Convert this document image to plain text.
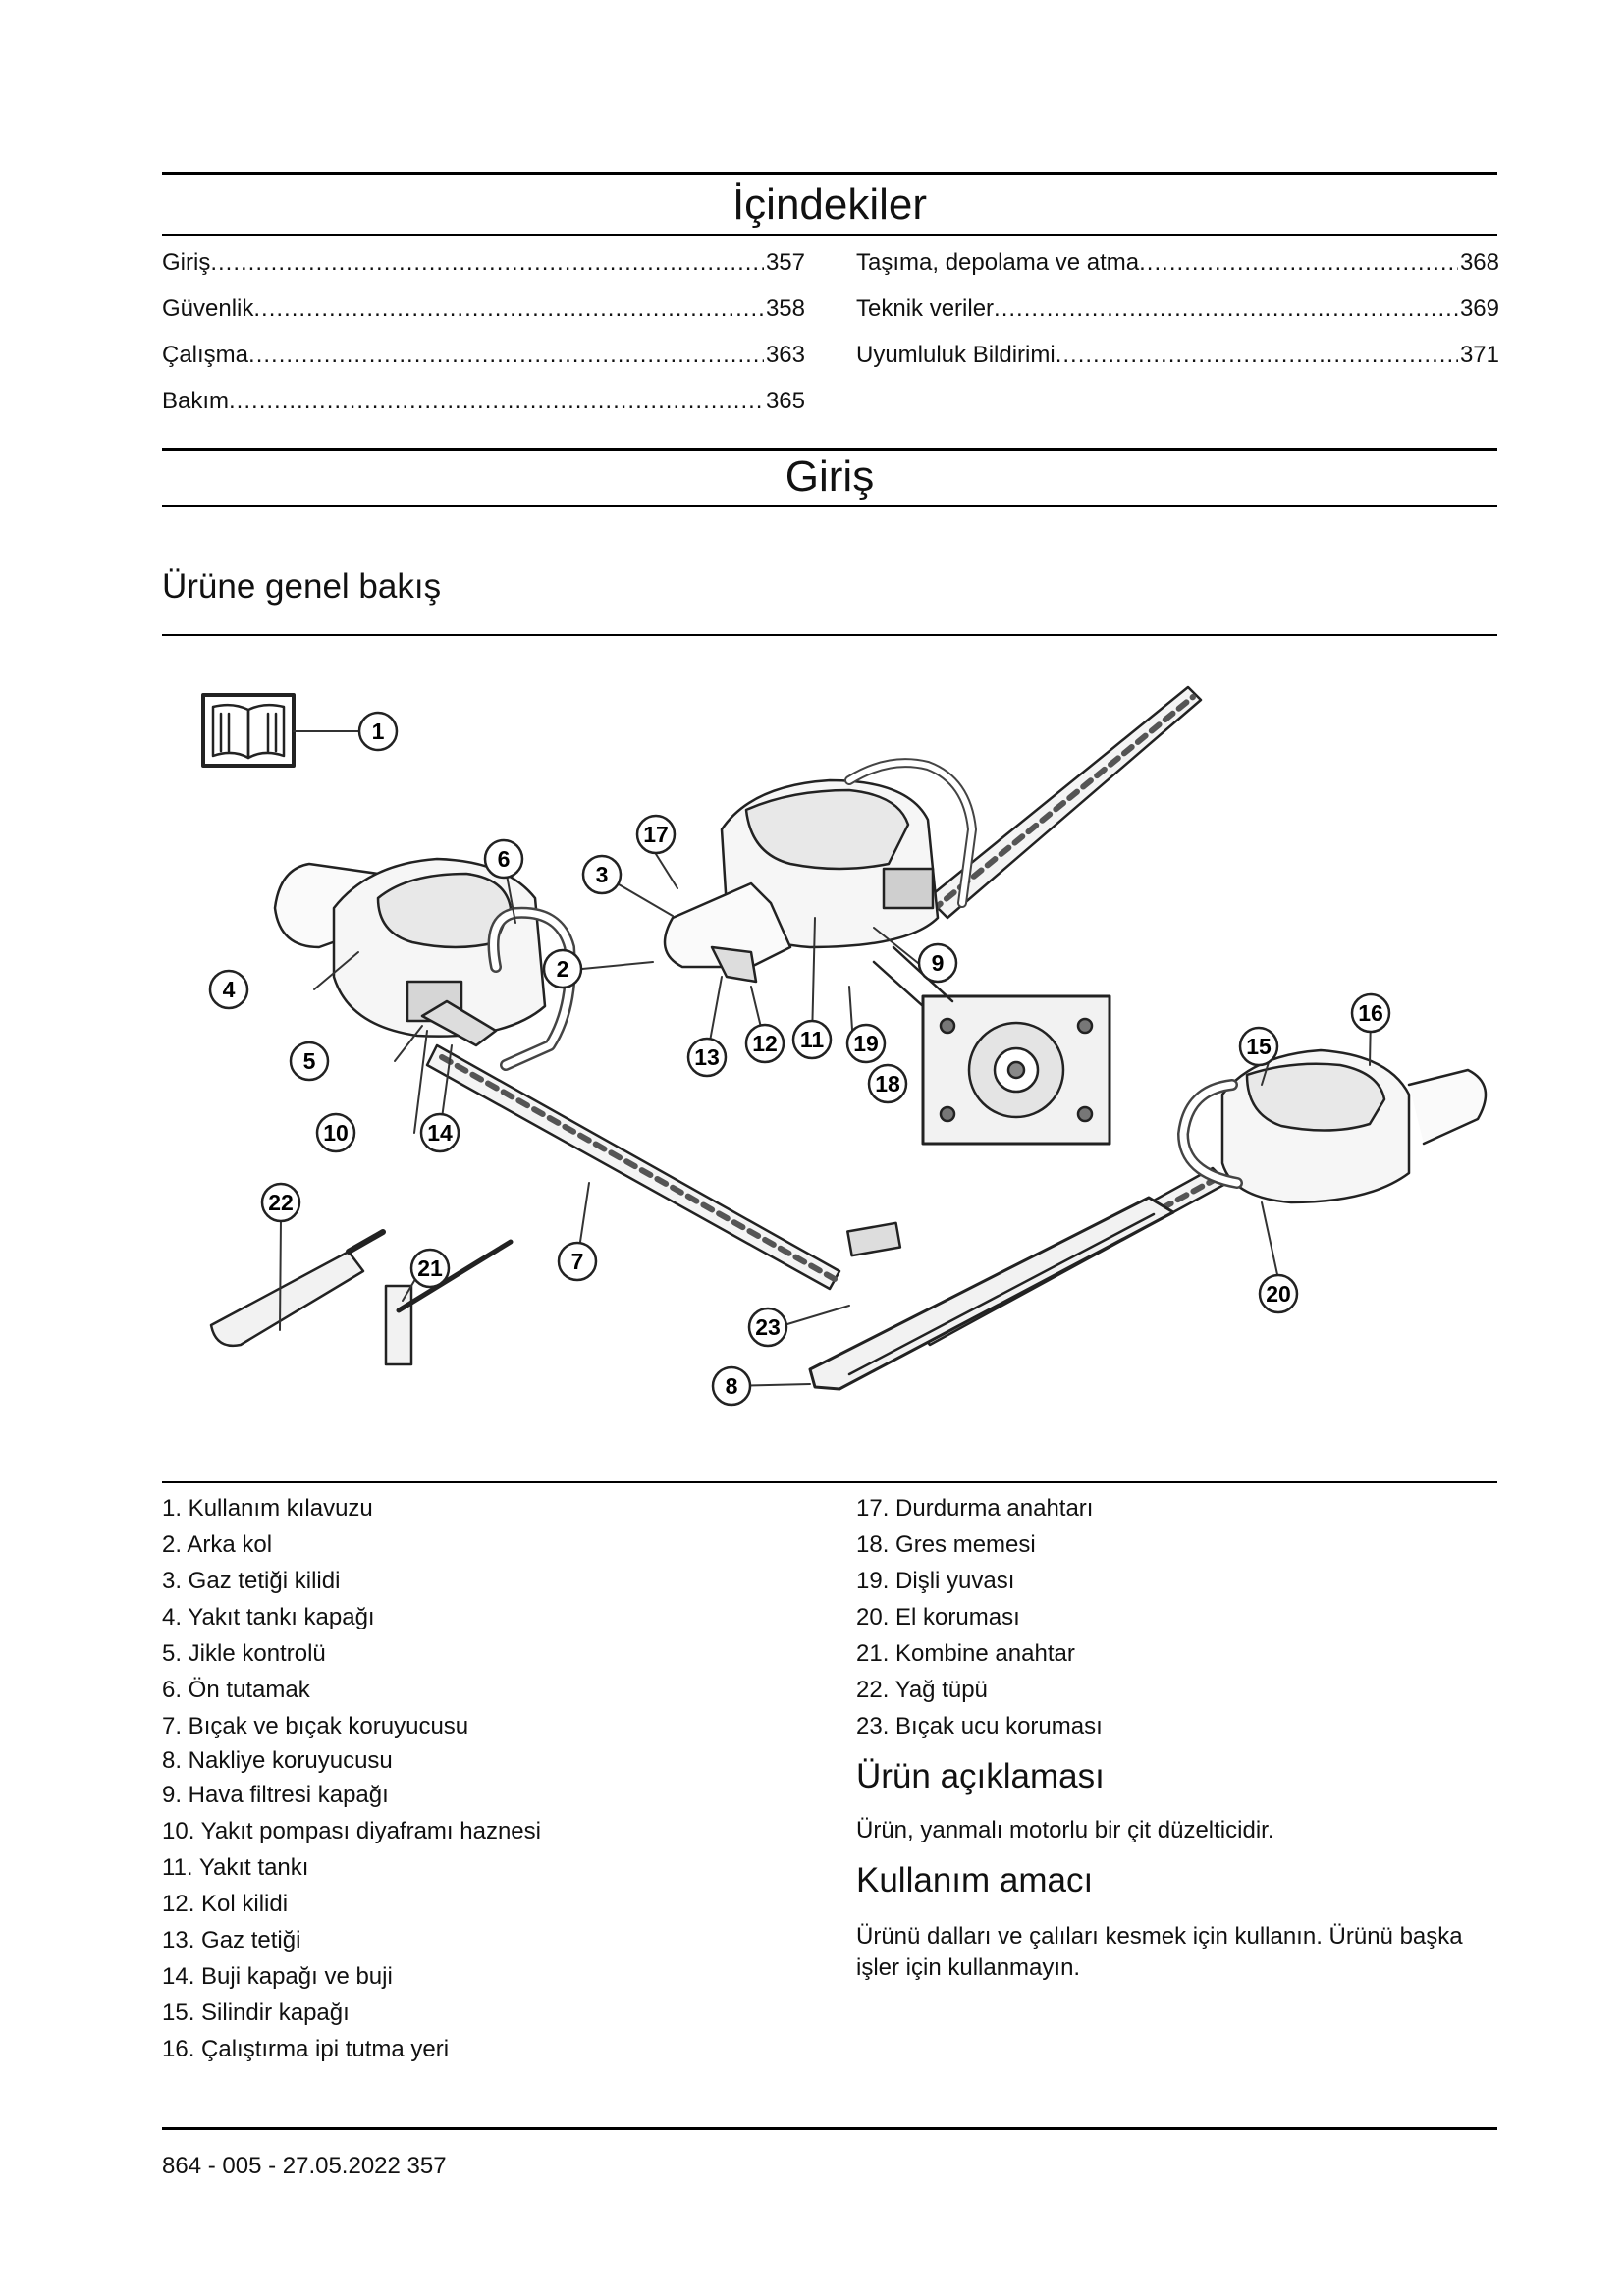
İçindekiler
Giriş .....	357
Güvenlik .....	358
Çalışma .....	363
Bakım .....	365
Taşıma, depolama ve atma .....	368
Teknik veriler .....	369
Uyumluluk Bildirimi .....	371
Giriş
Ürüne genel bakış
1
2
3
4
5
6
7
8
9
10
11
12
13
14
15
16
17
18
19
20
21
22
23
1. Kullanım kılavuzu
2. Arka kol
3. Gaz tetiği kilidi
4. Yakıt tankı kapağı
5. Jikle kontrolü
6. Ön tutamak
7. Bıçak ve bıçak koruyucusu
8. Nakliye koruyucusu
9. Hava filtresi kapağı
10. Yakıt pompası diyaframı haznesi
11. Yakıt tankı
12. Kol kilidi
13. Gaz tetiği
14. Buji kapağı ve buji
15. Silindir kapağı
16. Çalıştırma ipi tutma yeri
17. Durdurma anahtarı
18. Gres memesi
19. Dişli yuvası
20. El koruması
21. Kombine anahtar
22. Yağ tüpü
23. Bıçak ucu koruması
Ürün açıklaması

Ürün, yanmalı motorlu bir çit düzelticidir.

Kullanım amacı

Ürünü dalları ve çalıları kesmek için kullanın. Ürünü başka işler için kullanmayın.

864 - 005 - 27.05.2022 357
